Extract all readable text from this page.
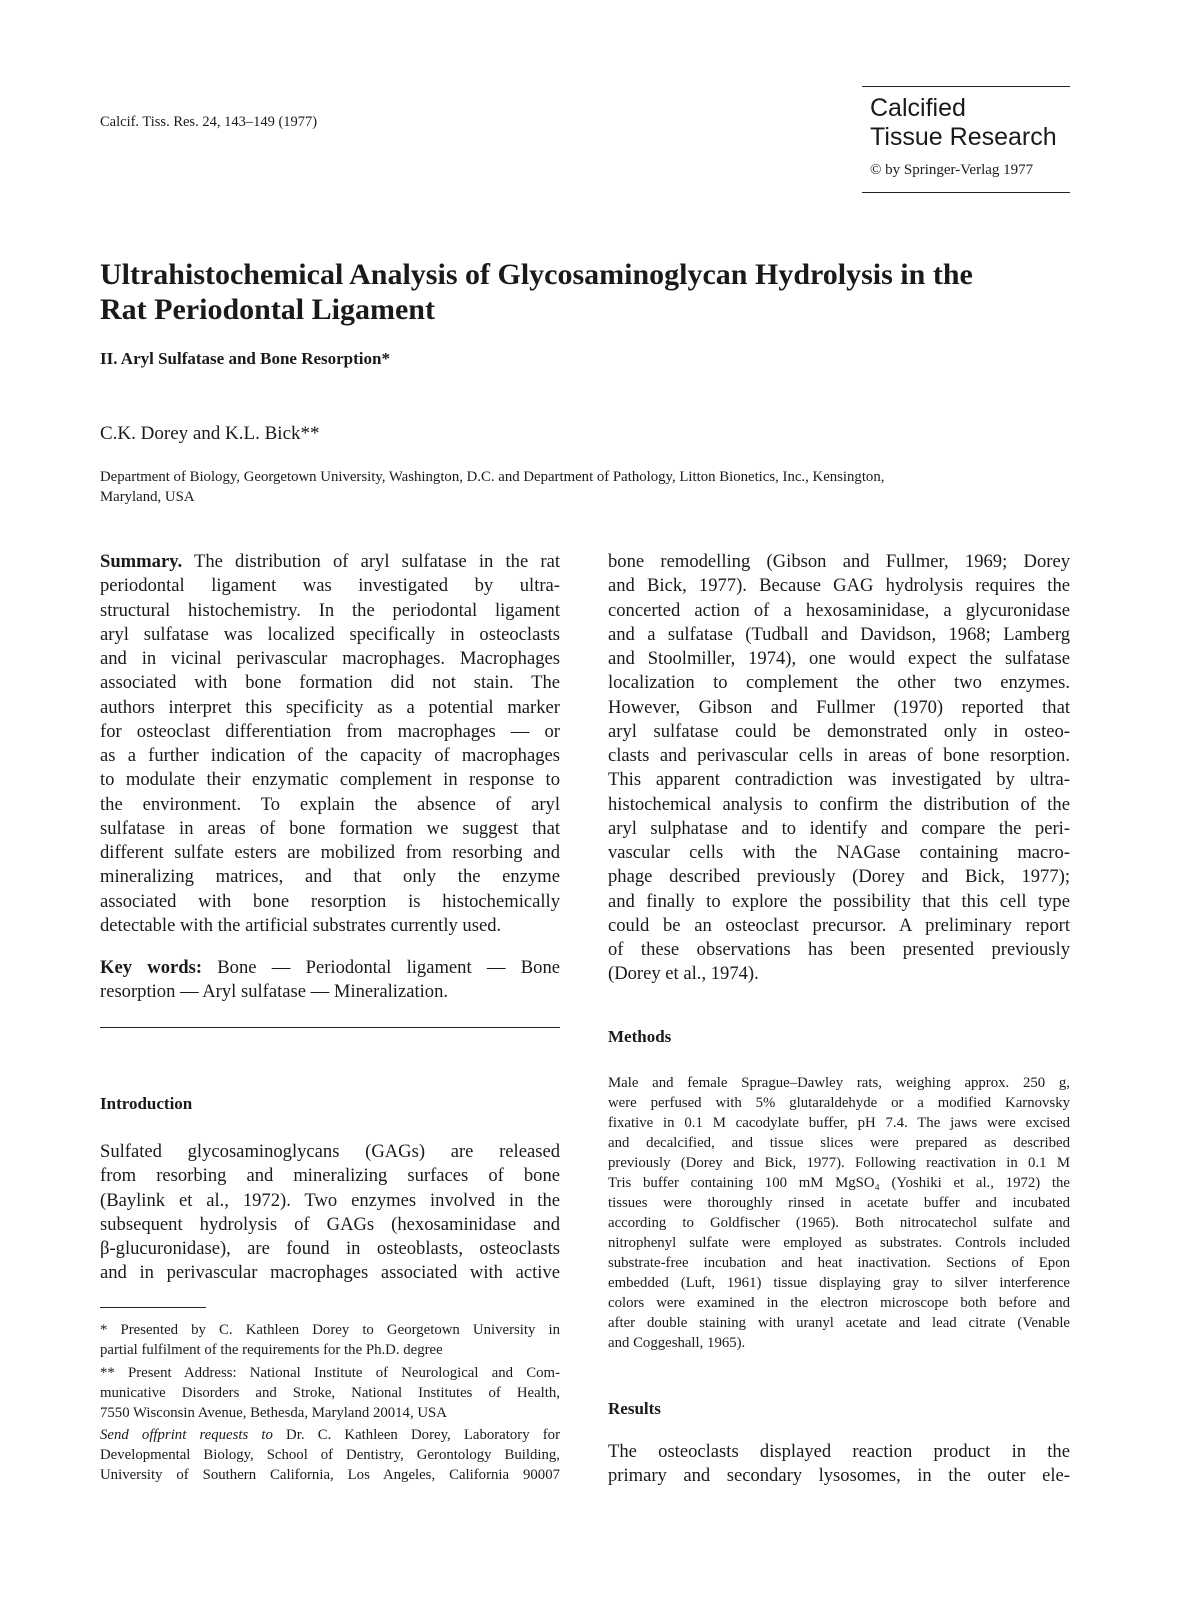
Calcif. Tiss. Res. 24, 143–149 (1977)	Calcified
Tissue Research
© by Springer-Verlag 1977
Ultrahistochemical Analysis of Glycosaminoglycan Hydrolysis in the
Rat Periodontal Ligament
II. Aryl Sulfatase and Bone Resorption*
C.K. Dorey and K.L. Bick**
Department of Biology, Georgetown University, Washington, D.C. and Department of Pathology, Litton Bionetics, Inc., Kensington,
Maryland, USA
Summary. The distribution of aryl sulfatase in the rat
periodontal ligament was investigated by ultra-
structural histochemistry. In the periodontal ligament
aryl sulfatase was localized specifically in osteoclasts
and in vicinal perivascular macrophages. Macrophages
associated with bone formation did not stain. The
authors interpret this specificity as a potential marker
for osteoclast differentiation from macrophages — or
as a further indication of the capacity of macrophages
to modulate their enzymatic complement in response to
the environment. To explain the absence of aryl
sulfatase in areas of bone formation we suggest that
different sulfate esters are mobilized from resorbing and
mineralizing matrices, and that only the enzyme
associated with bone resorption is histochemically
detectable with the artificial substrates currently used.
Key words: Bone — Periodontal ligament — Bone
resorption — Aryl sulfatase — Mineralization.
Introduction
Sulfated glycosaminoglycans (GAGs) are released
from resorbing and mineralizing surfaces of bone
(Baylink et al., 1972). Two enzymes involved in the
subsequent hydrolysis of GAGs (hexosaminidase and
β-glucuronidase), are found in osteoblasts, osteoclasts
and in perivascular macrophages associated with active
* Presented by C. Kathleen Dorey to Georgetown University in
partial fulfilment of the requirements for the Ph.D. degree
** Present Address: National Institute of Neurological and Com-
municative Disorders and Stroke, National Institutes of Health,
7550 Wisconsin Avenue, Bethesda, Maryland 20014, USA
Send offprint requests to Dr. C. Kathleen Dorey, Laboratory for
Developmental Biology, School of Dentistry, Gerontology Building,
University of Southern California, Los Angeles, California 90007
bone remodelling (Gibson and Fullmer, 1969; Dorey
and Bick, 1977). Because GAG hydrolysis requires the
concerted action of a hexosaminidase, a glycuronidase
and a sulfatase (Tudball and Davidson, 1968; Lamberg
and Stoolmiller, 1974), one would expect the sulfatase
localization to complement the other two enzymes.
However, Gibson and Fullmer (1970) reported that
aryl sulfatase could be demonstrated only in osteo-
clasts and perivascular cells in areas of bone resorption.
This apparent contradiction was investigated by ultra-
histochemical analysis to confirm the distribution of the
aryl sulphatase and to identify and compare the peri-
vascular cells with the NAGase containing macro-
phage described previously (Dorey and Bick, 1977);
and finally to explore the possibility that this cell type
could be an osteoclast precursor. A preliminary report
of these observations has been presented previously
(Dorey et al., 1974).
Methods
Male and female Sprague–Dawley rats, weighing approx. 250 g,
were perfused with 5% glutaraldehyde or a modified Karnovsky
fixative in 0.1 M cacodylate buffer, pH 7.4. The jaws were excised
and decalcified, and tissue slices were prepared as described
previously (Dorey and Bick, 1977). Following reactivation in 0.1 M
Tris buffer containing 100 mM MgSO₄ (Yoshiki et al., 1972) the
tissues were thoroughly rinsed in acetate buffer and incubated
according to Goldfischer (1965). Both nitrocatechol sulfate and
nitrophenyl sulfate were employed as substrates. Controls included
substrate-free incubation and heat inactivation. Sections of Epon
embedded (Luft, 1961) tissue displaying gray to silver interference
colors were examined in the electron microscope both before and
after double staining with uranyl acetate and lead citrate (Venable
and Coggeshall, 1965).
Results
The osteoclasts displayed reaction product in the
primary and secondary lysosomes, in the outer ele-
